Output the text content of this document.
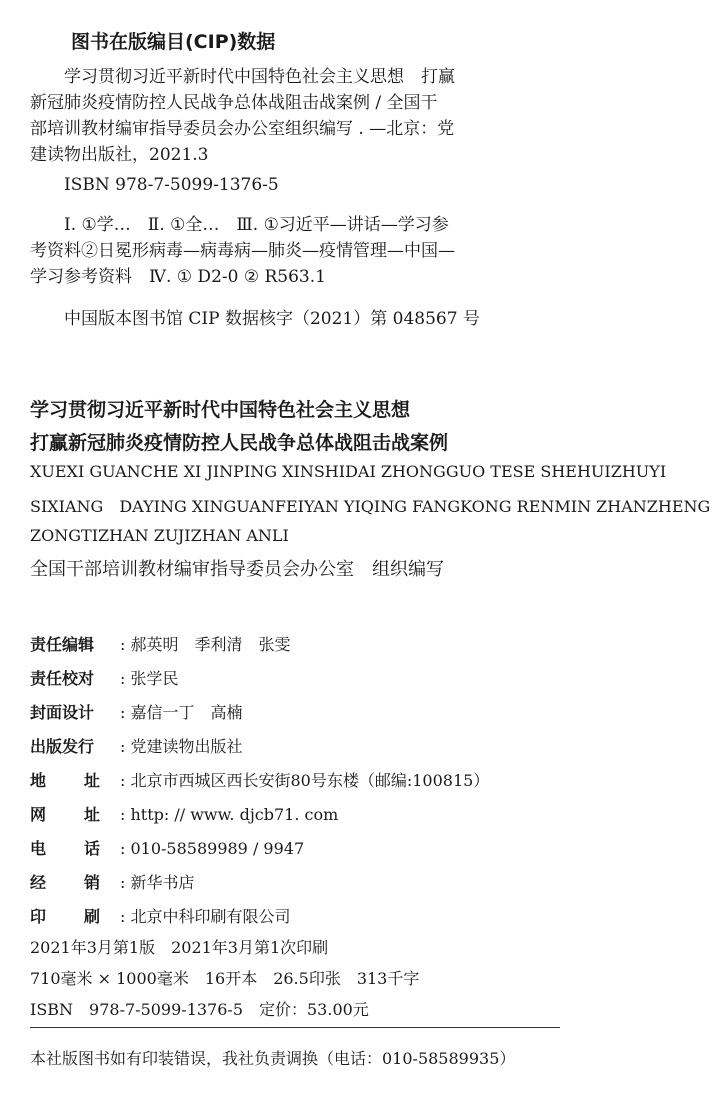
图书在版编目(CIP)数据
学习贯彻习近平新时代中国特色社会主义思想　打赢
新冠肺炎疫情防控人民战争总体战阻击战案例 / 全国干
部培训教材编审指导委员会办公室组织编写 . —北京：党
建读物出版社，2021.3
ISBN 978-7-5099-1376-5
Ⅰ. ①学…　Ⅱ. ①全…　Ⅲ. ①习近平—讲话—学习参
考资料②日冕形病毒—病毒病—肺炎—疫情管理—中国—
学习参考资料　Ⅳ. ① D2-0 ② R563.1
中国版本图书馆 CIP 数据核字（2021）第 048567 号
学习贯彻习近平新时代中国特色社会主义思想
打赢新冠肺炎疫情防控人民战争总体战阻击战案例
XUEXI GUANCHE XI JINPING XINSHIDAI ZHONGGUO TESE SHEHUIZHUYI
SIXIANG　DAYING XINGUANFEIYAN YIQING FANGKONG RENMIN ZHANZHENG
ZONGTIZHAN ZUJIZHAN ANLI
全国干部培训教材编审指导委员会办公室　组织编写
责任编辑 : 郝英明　季利清　张雯
责任校对 : 张学民
封面设计 : 嘉信一丁　高楠
出版发行 : 党建读物出版社
地 址 : 北京市西城区西长安街80号东楼（邮编:100815）
网 址 : http: // www. djcb71. com
电 话 : 010-58589989 / 9947
经 销 : 新华书店
印 刷 : 北京中科印刷有限公司
2021年3月第1版　2021年3月第1次印刷
710毫米 × 1000毫米　16开本　26.5印张　313千字
ISBN　978-7-5099-1376-5　定价：53.00元
本社版图书如有印装错误，我社负责调换（电话：010-58589935）
